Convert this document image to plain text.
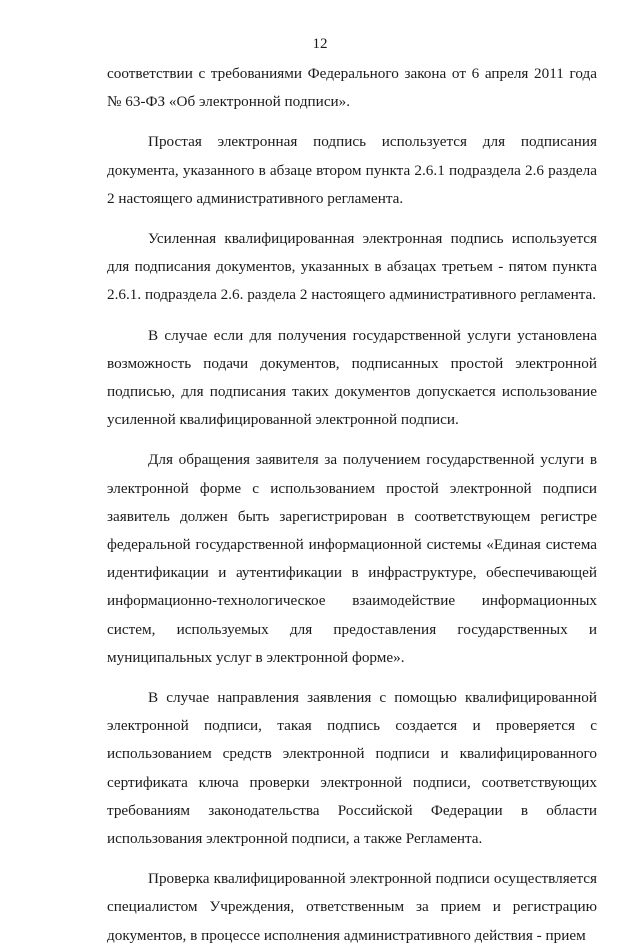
12

соответствии с требованиями Федерального закона от 6 апреля 2011 года № 63-ФЗ «Об электронной подписи».

Простая электронная подпись используется для подписания документа, указанного в абзаце втором пункта 2.6.1 подраздела 2.6 раздела 2 настоящего административного регламента.

Усиленная квалифицированная электронная подпись используется для подписания документов, указанных в абзацах третьем - пятом пункта 2.6.1. подраздела 2.6. раздела 2 настоящего административного регламента.

В случае если для получения государственной услуги установлена возможность подачи документов, подписанных простой электронной подписью, для подписания таких документов допускается использование усиленной квалифицированной электронной подписи.

Для обращения заявителя за получением государственной услуги в электронной форме с использованием простой электронной подписи заявитель должен быть зарегистрирован в соответствующем регистре федеральной государственной информационной системы «Единая система идентификации и аутентификации в инфраструктуре, обеспечивающей информационно-технологическое взаимодействие информационных систем, используемых для предоставления государственных и муниципальных услуг в электронной форме».

В случае направления заявления с помощью квалифицированной электронной подписи, такая подпись создается и проверяется с использованием средств электронной подписи и квалифицированного сертификата ключа проверки электронной подписи, соответствующих требованиям законодательства Российской Федерации в области использования электронной подписи, а также Регламента.

Проверка квалифицированной электронной подписи осуществляется специалистом Учреждения, ответственным за прием и регистрацию документов, в процессе исполнения административного действия - прием
